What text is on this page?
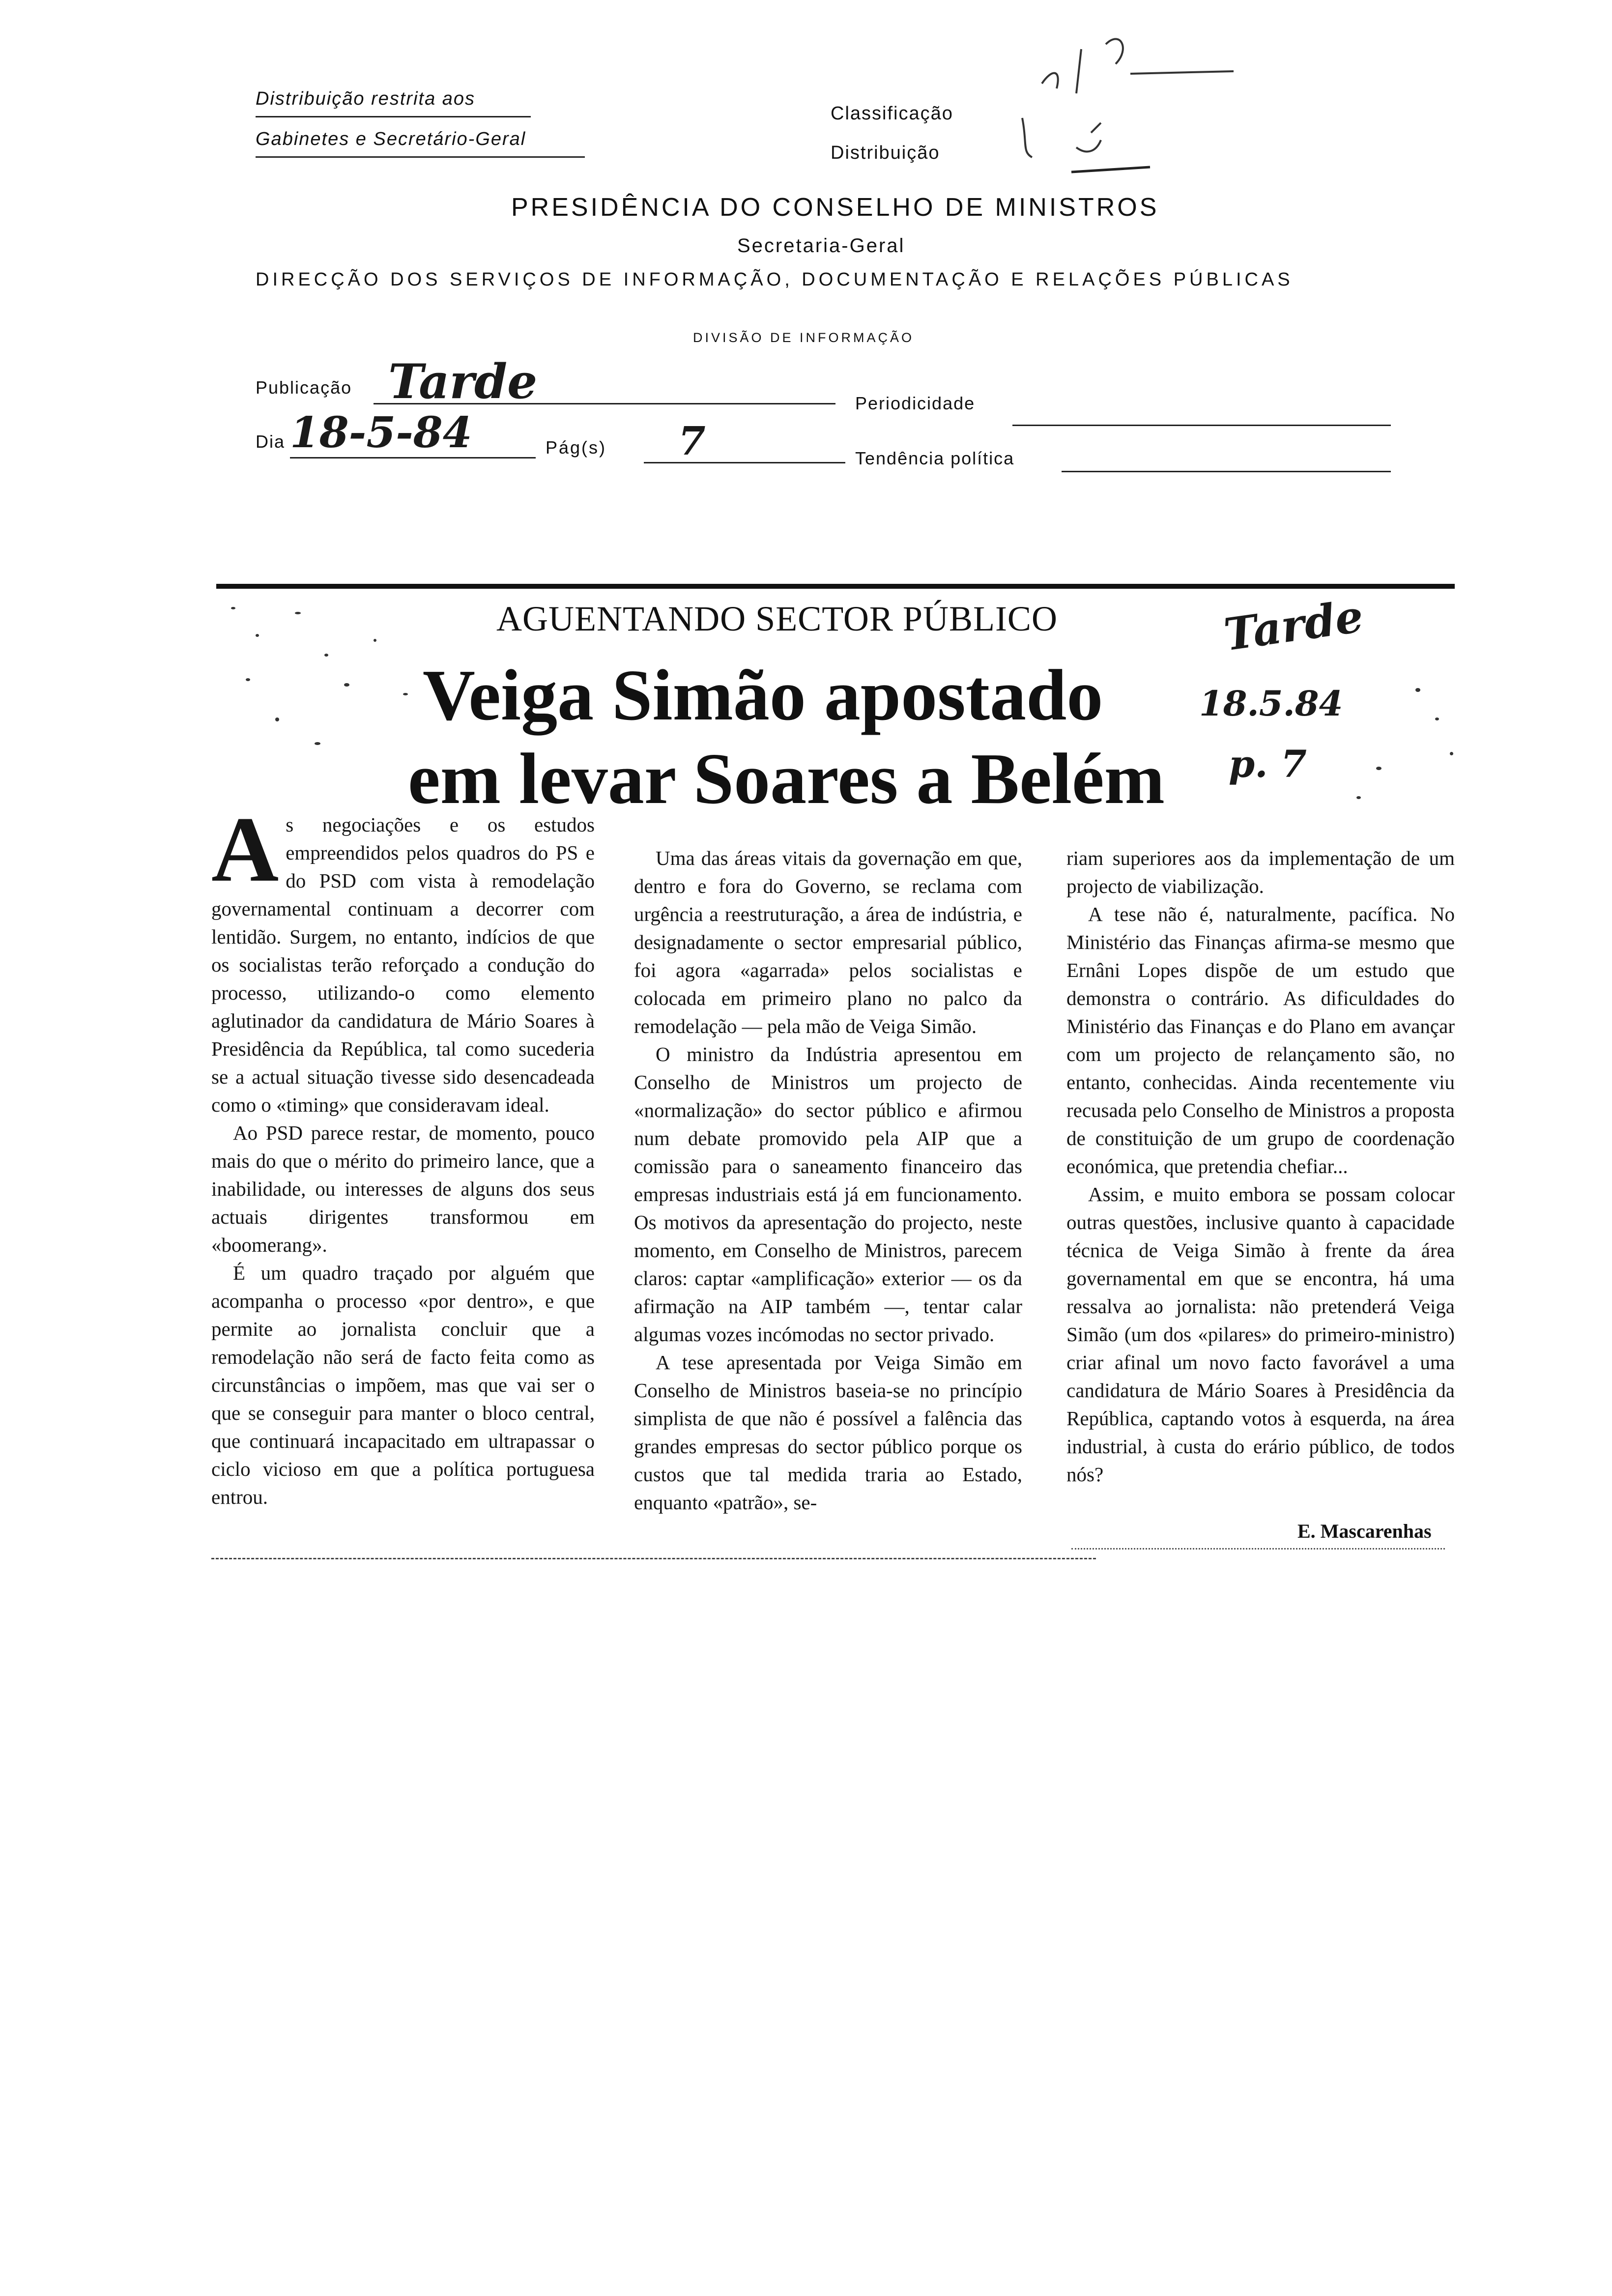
Distribuição restrita aos
Gabinetes e Secretário-Geral
Classificação
Distribuição
PRESIDÊNCIA DO CONSELHO DE MINISTROS
Secretaria-Geral
DIRECÇÃO DOS SERVIÇOS DE INFORMAÇÃO, DOCUMENTAÇÃO E RELAÇÕES PÚBLICAS
DIVISÃO DE INFORMAÇÃO
Publicação Tarde	Periodicidade
Dia 18-5-84	Pág(s) 7	Tendência política
AGUENTANDO SECTOR PÚBLICO
Veiga Simão apostado
em levar Soares a Belém
Tarde
18.5.84
p. 7
A s negociações e os estudos empreendidos pelos quadros do PS e do PSD com vista à remodelação governamental continuam a decorrer com lentidão. Surgem, no entanto, indícios de que os socialistas terão reforçado a condução do processo, utilizando-o como elemento aglutinador da candidatura de Mário Soares à Presidência da República, tal como sucederia se a actual situação tivesse sido desencadeada como o «timing» que consideravam ideal.

Ao PSD parece restar, de momento, pouco mais do que o mérito do primeiro lance, que a inabilidade, ou interesses de alguns dos seus actuais dirigentes transformou em «boomerang».

É um quadro traçado por alguém que acompanha o processo «por dentro», e que permite ao jornalista concluir que a remodelação não será de facto feita como as circunstâncias o impõem, mas que vai ser o que se conseguir para manter o bloco central, que continuará incapacitado em ultrapassar o ciclo vicioso em que a política portuguesa entrou.

Uma das áreas vitais da governação em que, dentro e fora do Governo, se reclama com urgência a reestruturação, a área de indústria, e designadamente o sector empresarial público, foi agora «agarrada» pelos socialistas e colocada em primeiro plano no palco da remodelação — pela mão de Veiga Simão.

O ministro da Indústria apresentou em Conselho de Ministros um projecto de «normalização» do sector público e afirmou num debate promovido pela AIP que a comissão para o saneamento financeiro das empresas industriais está já em funcionamento. Os motivos da apresentação do projecto, neste momento, em Conselho de Ministros, parecem claros: captar «amplificação» exterior — os da afirmação na AIP também —, tentar calar algumas vozes incómodas no sector privado.

A tese apresentada por Veiga Simão em Conselho de Ministros baseia-se no princípio simplista de que não é possível a falência das grandes empresas do sector público porque os custos que tal medida traria ao Estado, enquanto «patrão», se-

riam superiores aos da implementação de um projecto de viabilização.

A tese não é, naturalmente, pacífica. No Ministério das Finanças afirma-se mesmo que Ernâni Lopes dispõe de um estudo que demonstra o contrário. As dificuldades do Ministério das Finanças e do Plano em avançar com um projecto de relançamento são, no entanto, conhecidas. Ainda recentemente viu recusada pelo Conselho de Ministros a proposta de constituição de um grupo de coordenação económica, que pretendia chefiar...

Assim, e muito embora se possam colocar outras questões, inclusive quanto à capacidade técnica de Veiga Simão à frente da área governamental em que se encontra, há uma ressalva ao jornalista: não pretenderá Veiga Simão (um dos «pilares» do primeiro-ministro) criar afinal um novo facto favorável a uma candidatura de Mário Soares à Presidência da República, captando votos à esquerda, na área industrial, à custa do erário público, de todos nós?

E. Mascarenhas
